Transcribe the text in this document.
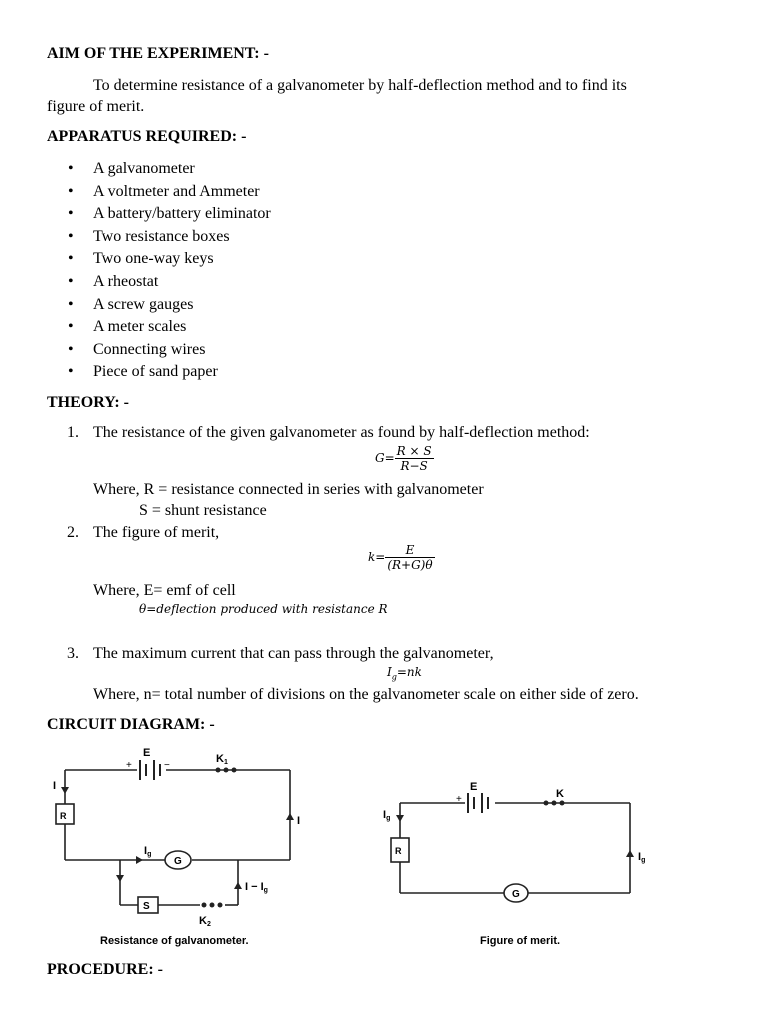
AIM OF THE EXPERIMENT: -

To determine resistance of a galvanometer by half-deflection method and to find its

figure of merit.

APPARATUS REQUIRED: -
• A galvanometer
• A voltmeter and Ammeter
• A battery/battery eliminator
• Two resistance boxes
• Two one-way keys
• A rheostat
• A screw gauges
• A meter scales
• Connecting wires
• Piece of sand paper
THEORY: -
1. The resistance of the given galvanometer as found by half-deflection method:
$G= \frac{R \times S}{R-S}$
Where, R = resistance connected in series with galvanometer
S = shunt resistance
2. The figure of merit,
$k= \frac{E}{(R+G)\theta}$
Where, E= emf of cell
θ=deflection produced with resistance R
3. The maximum current that can pass through the galvanometer,
$I_g=nk$
Where, n= total number of divisions on the galvanometer scale on either side of zero.
CIRCUIT DIAGRAM: -
E
+	−
K1
I
I
R
G
Ig
S
K2
I − Ig
Resistance of galvanometer.
E
+	K
Ig
Ig
R
G
Figure of merit.
PROCEDURE: -
